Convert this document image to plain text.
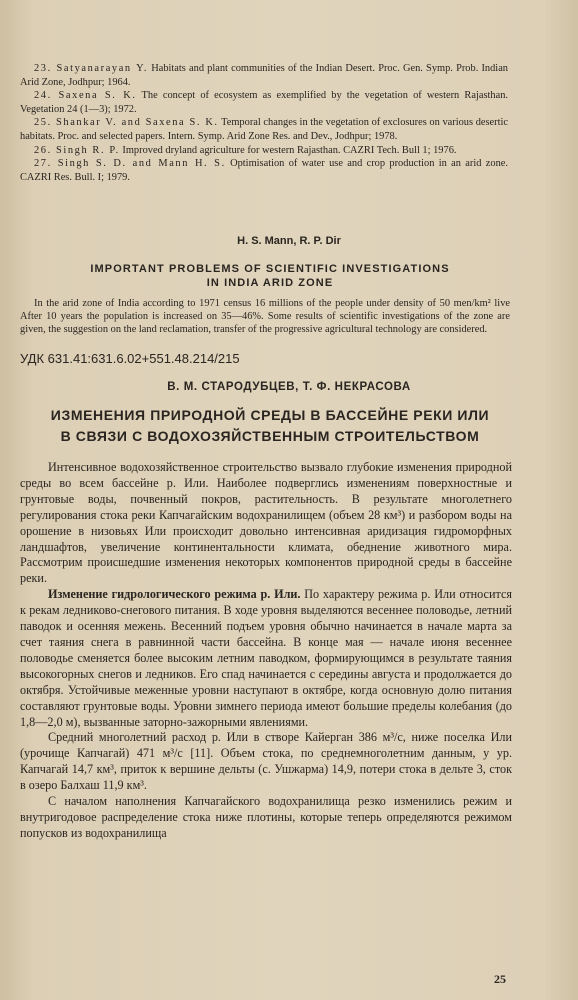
23. Satyanarayan Y. Habitats and plant communities of the Indian Desert. Proc. Gen. Symp. Prob. Indian Arid Zone, Jodhpur; 1964.
24. Saxena S. K. The concept of ecosystem as exemplified by the vegetation of western Rajasthan. Vegetation 24 (1—3); 1972.
25. Shankar V. and Saxena S. K. Temporal changes in the vegetation of exclosures on various desertic habitats. Proc. and selected papers. Intern. Symp. Arid Zone Res. and Dev., Jodhpur; 1978.
26. Singh R. P. Improved dryland agriculture for western Rajasthan. CAZRI Tech. Bull 1; 1976.
27. Singh S. D. and Mann H. S. Optimisation of water use and crop production in an arid zone. CAZRI Res. Bull. I; 1979.
H. S. Mann, R. P. Dir
IMPORTANT PROBLEMS OF SCIENTIFIC INVESTIGATIONS
IN INDIA ARID ZONE
In the arid zone of India according to 1971 census 16 millions of the people under density of 50 men/km² live After 10 years the population is increased on 35—46%. Some results of scientific investigations of the zone are given, the suggestion on the land reclamation, transfer of the progressive agricultural technology are considered.
УДК 631.41:631.6.02+551.48.214/215
В. М. СТАРОДУБЦЕВ, Т. Ф. НЕКРАСОВА
ИЗМЕНЕНИЯ ПРИРОДНОЙ СРЕДЫ В БАССЕЙНЕ РЕКИ ИЛИ
В СВЯЗИ С ВОДОХОЗЯЙСТВЕННЫМ СТРОИТЕЛЬСТВОМ
Интенсивное водохозяйственное строительство вызвало глубокие изменения природной среды во всем бассейне р. Или. Наиболее подверглись изменениям поверхностные и грунтовые воды, почвенный покров, растительность. В результате многолетнего регулирования стока реки Капчагайским водохранилищем (объем 28 км³) и разбором воды на орошение в низовьях Или происходит довольно интенсивная аридизация гидроморфных ландшафтов, увеличение континентальности климата, обеднение животного мира. Рассмотрим происшедшие изменения некоторых компонентов природной среды в бассейне реки.
Изменение гидрологического режима р. Или. По характеру режима р. Или относится к рекам ледниково-снегового питания. В ходе уровня выделяются весеннее половодье, летний паводок и осенняя межень. Весенний подъем уровня обычно начинается в начале марта за счет таяния снега в равнинной части бассейна. В конце мая — начале июня весеннее половодье сменяется более высоким летним паводком, формирующимся в результате таяния высокогорных снегов и ледников. Его спад начинается с середины августа и продолжается до октября. Устойчивые меженные уровни наступают в октябре, когда основную долю питания составляют грунтовые воды. Уровни зимнего периода имеют большие пределы колебания (до 1,8—2,0 м), вызванные заторно-зажорными явлениями.
Средний многолетний расход р. Или в створе Кайерган 386 м³/с, ниже поселка Или (урочище Капчагай) 471 м³/с [11]. Объем стока, по среднемноголетним данным, у ур. Капчагай 14,7 км³, приток к вершине дельты (с. Ушжарма) 14,9, потери стока в дельте 3, сток в озеро Балхаш 11,9 км³.
С началом наполнения Капчагайского водохранилища резко изменились режим и внутригодовое распределение стока ниже плотины, которые теперь определяются режимом попусков из водохранилища
25
